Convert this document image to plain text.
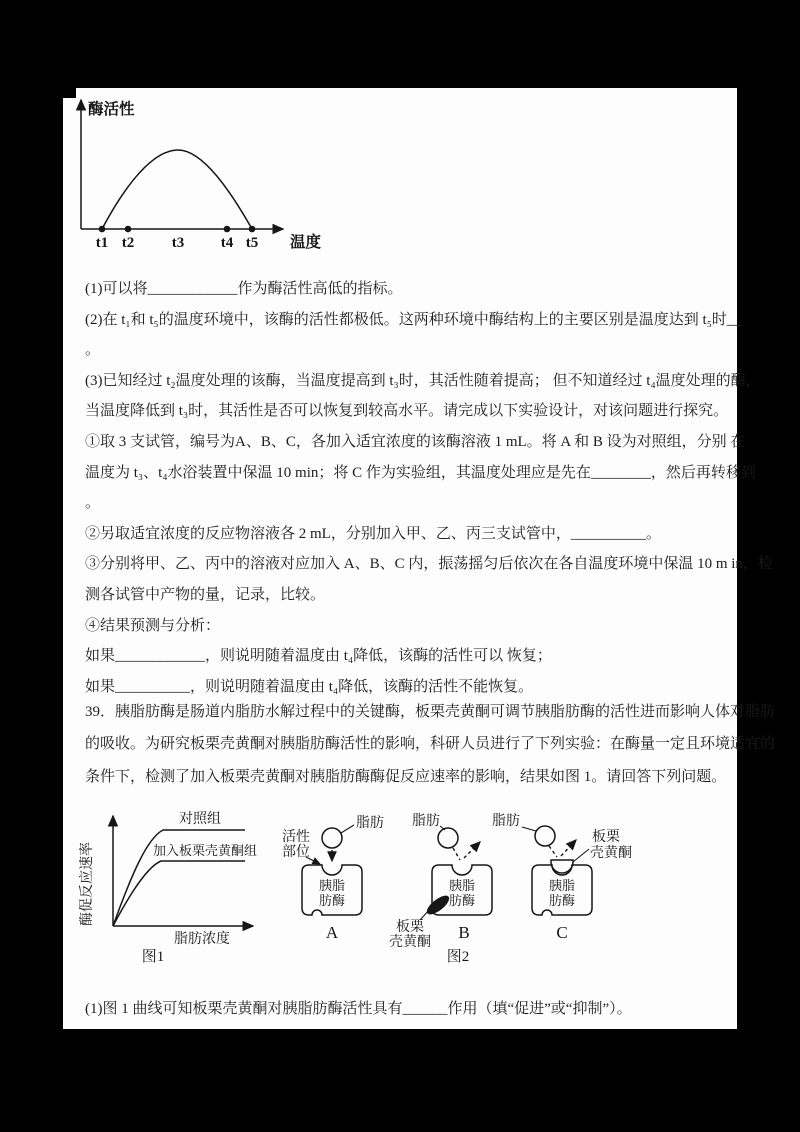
酶活性
t1 t2	t3 t4 t5 温度
(1)可以将____________作为酶活性高低的指标。
(2)在 t₁和 t₅的温度环境中，该酶的活性都极低。这两种环境中酶结构上的主要区别是温度达到 t₅时__
。
(3)已知经过 t₂温度处理的该酶，当温度提高到 t₃时，其活性随着提高； 但不知道经过 t₄温度处理的酶，
当温度降低到 t₃时，其活性是否可以恢复到较高水平。请完成以下实验设计，对该问题进行探究。
①取 3 支试管，编号为A、B、C，各加入适宜浓度的该酶溶液 1 mL。将 A 和 B 设为对照组，分别 在
温度为 t₃、t₄水浴装置中保温 10 min；将 C 作为实验组，其温度处理应是先在________，然后再转移到
。
②另取适宜浓度的反应物溶液各 2 mL，分别加入甲、乙、丙三支试管中，__________。
③分别将甲、乙、丙中的溶液对应加入 A、B、C 内，振荡摇匀后依次在各自温度环境中保温 10 m in，检
测各试管中产物的量，记录，比较。
④结果预测与分析：
如果____________，则说明随着温度由 t₄降低，该酶的活性可以 恢复；
如果__________，则说明随着温度由 t₄降低，该酶的活性不能恢复。
39．胰脂肪酶是肠道内脂肪水解过程中的关键酶，板栗壳黄酮可调节胰脂肪酶的活性进而影响人体对脂肪
的吸收。为研究板栗壳黄酮对胰脂肪酶活性的影响，科研人员进行了下列实验：在酶量一定且环境适宜的
条件下，检测了加入板栗壳黄酮对胰脂肪酶酶促反应速率的影响，结果如图 1。请回答下列问题。
酶促反应速率
对照组
加入板栗壳黄酮组
脂肪浓度
图1
活性
部位
脂肪
胰脂
肪酶
A
脂肪
胰脂
肪酶
板栗
壳黄酮
B
脂肪
板栗
壳黄酮
胰脂
肪酶
C
图2
(1)图 1 曲线可知板栗壳黄酮对胰脂肪酶活性具有______作用（填“促进”或“抑制”）。
